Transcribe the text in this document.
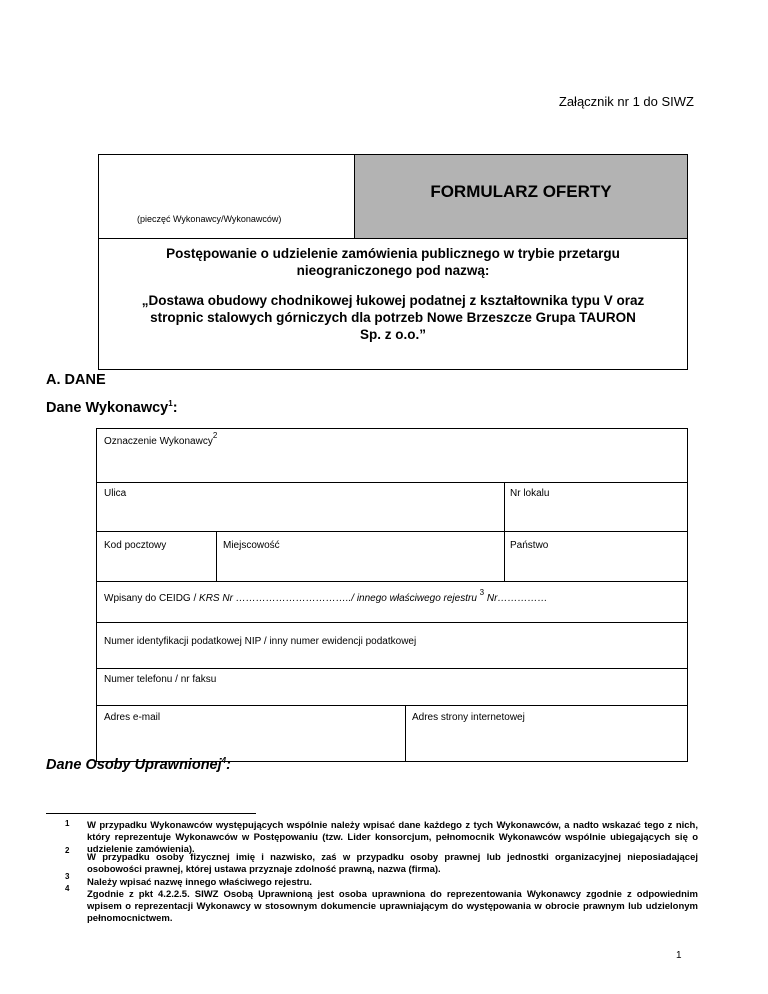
Załącznik nr 1 do SIWZ
(pieczęć Wykonawcy/Wykonawców)
FORMULARZ OFERTY
Postępowanie o udzielenie zamówienia publicznego w trybie przetargu
nieograniczonego pod nazwą:
„Dostawa obudowy chodnikowej łukowej podatnej z kształtownika typu V oraz
stropnic stalowych górniczych dla potrzeb Nowe Brzeszcze Grupa TAURON
Sp. z o.o.”
A. DANE
Dane Wykonawcy$^1$:
Oznaczenie Wykonawcy$^2$
Ulica	Nr lokalu
Kod pocztowy	Miejscowość	Państwo
Wpisany do CEIDG / KRS Nr ……………………………../ innego właściwego rejestru $^3$ Nr……………
Numer identyfikacji podatkowej NIP / inny numer ewidencji podatkowej
Numer telefonu / nr faksu
Adres e-mail	Adres strony internetowej
Dane Osoby Uprawnionej$^4$:
1 W przypadku Wykonawców występujących wspólnie należy wpisać dane każdego z tych Wykonawców, a nadto wskazać tego z nich, który reprezentuje Wykonawców w Postępowaniu (tzw. Lider konsorcjum, pełnomocnik Wykonawców wspólnie ubiegających się o udzielenie zamówienia).
2
W przypadku osoby fizycznej imię i nazwisko, zaś w przypadku osoby prawnej lub jednostki organizacyjnej nieposiadającej osobowości prawnej, której ustawa przyznaje zdolność prawną, nazwa (firma).
3
Należy wpisać nazwę innego właściwego rejestru.
4
Zgodnie z pkt 4.2.2.5. SIWZ Osobą Uprawnioną jest osoba uprawniona do reprezentowania Wykonawcy zgodnie z odpowiednim wpisem o reprezentacji Wykonawcy w stosownym dokumencie uprawniającym do występowania w obrocie prawnym lub udzielonym pełnomocnictwem.
1
